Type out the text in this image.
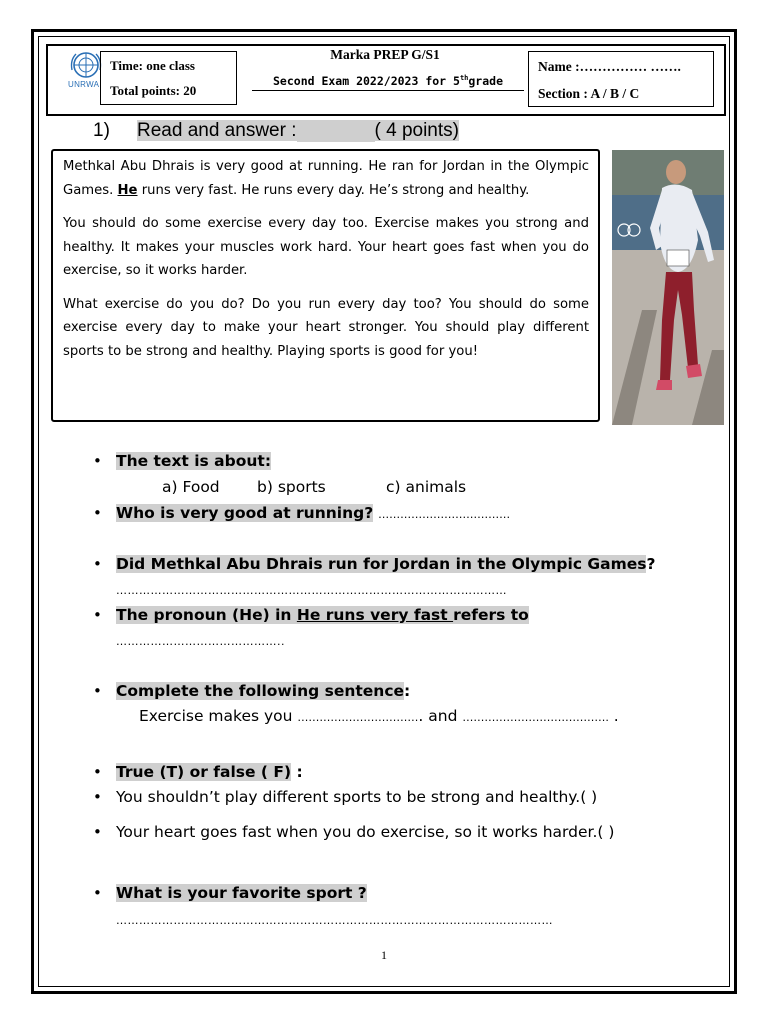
UNRWA
Time: one class
Total points: 20
Marka PREP G/S1
Second Exam 2022/2023 for 5thgrade
Name :…………… …….
Section : A / B / C
1) Read and answer :	( 4 points)

Methkal Abu Dhrais is very good at running. He ran for Jordan in the Olympic Games. He runs very fast. He runs every day. He’s strong and healthy.

You should do some exercise every day too. Exercise makes you strong and healthy. It makes your muscles work hard. Your heart goes fast when you do exercise, so it works harder.

What exercise do you do? Do you run every day too? You should do some exercise every day to make your heart stronger. You should play different sports to be strong and healthy. Playing sports is good for you!

• The text is about:
a) Food b) sports	c) animals
• Who is very good at running? ………………………………
• Did Methkal Abu Dhrais run for Jordan in the Olympic Games?
…………………………………………………………………………………………
• The pronoun (He) in He runs very fast refers to
……………………………………..
• Complete the following sentence:
Exercise makes you ……………………………. and …………………………………. .
• True (T) or false ( F) :
• You shouldn’t play different sports to be strong and healthy.( )
• Your heart goes fast when you do exercise, so it works harder.( )
• What is your favorite sport ?
……………………………………………………………………………………………………
1
